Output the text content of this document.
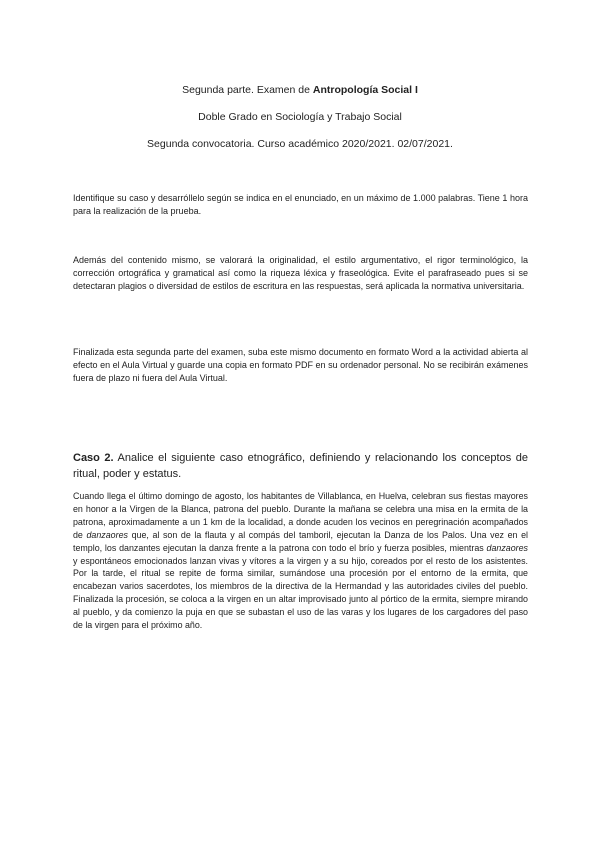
Segunda parte. Examen de Antropología Social I
Doble Grado en Sociología y Trabajo Social
Segunda convocatoria. Curso académico 2020/2021. 02/07/2021.
Identifique su caso y desarróllelo según se indica en el enunciado, en un máximo de 1.000 palabras. Tiene 1 hora para la realización de la prueba.
Además del contenido mismo, se valorará la originalidad, el estilo argumentativo, el rigor terminológico, la corrección ortográfica y gramatical así como la riqueza léxica y fraseológica. Evite el parafraseado pues si se detectaran plagios o diversidad de estilos de escritura en las respuestas, será aplicada la normativa universitaria.
Finalizada esta segunda parte del examen, suba este mismo documento en formato Word a la actividad abierta al efecto en el Aula Virtual y guarde una copia en formato PDF en su ordenador personal. No se recibirán exámenes fuera de plazo ni fuera del Aula Virtual.
Caso 2. Analice el siguiente caso etnográfico, definiendo y relacionando los conceptos de ritual, poder y estatus.
Cuando llega el último domingo de agosto, los habitantes de Villablanca, en Huelva, celebran sus fiestas mayores en honor a la Virgen de la Blanca, patrona del pueblo. Durante la mañana se celebra una misa en la ermita de la patrona, aproximadamente a un 1 km de la localidad, a donde acuden los vecinos en peregrinación acompañados de danzaores que, al son de la flauta y al compás del tamboril, ejecutan la Danza de los Palos. Una vez en el templo, los danzantes ejecutan la danza frente a la patrona con todo el brío y fuerza posibles, mientras danzaores y espontáneos emocionados lanzan vivas y vítores a la virgen y a su hijo, coreados por el resto de los asistentes. Por la tarde, el ritual se repite de forma similar, sumándose una procesión por el entorno de la ermita, que encabezan varios sacerdotes, los miembros de la directiva de la Hermandad y las autoridades civiles del pueblo. Finalizada la procesión, se coloca a la virgen en un altar improvisado junto al pórtico de la ermita, siempre mirando al pueblo, y da comienzo la puja en que se subastan el uso de las varas y los lugares de los cargadores del paso de la virgen para el próximo año.
